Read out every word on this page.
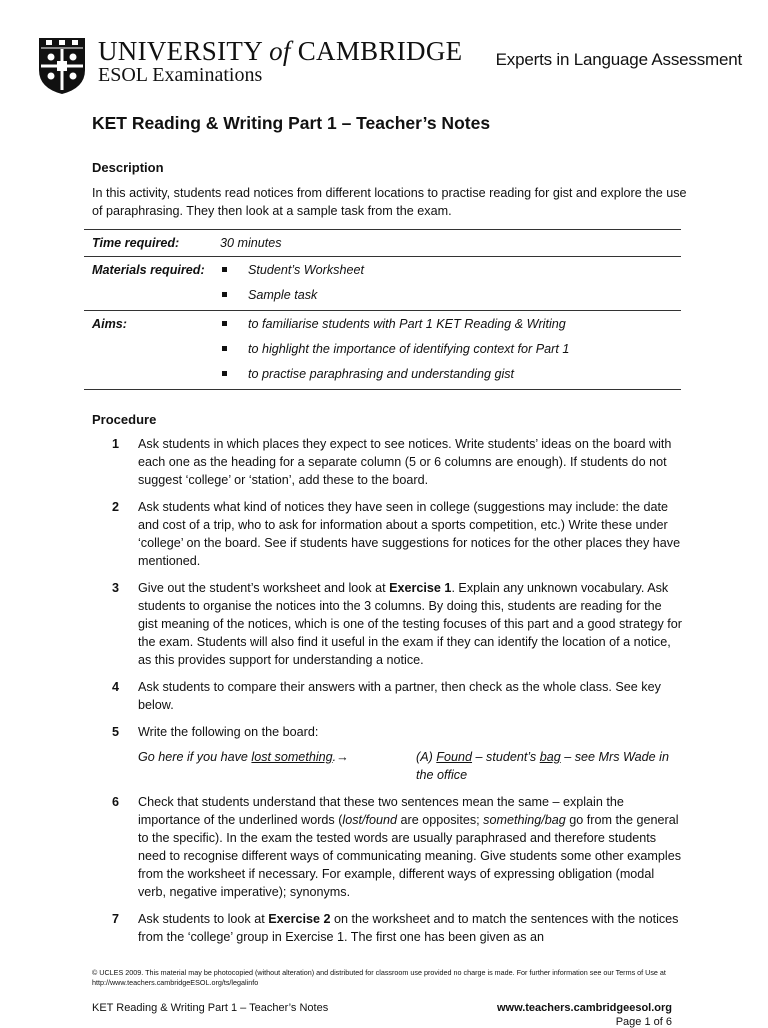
UNIVERSITY of CAMBRIDGE
ESOL Examinations
Experts in Language Assessment
KET Reading & Writing Part 1 – Teacher’s Notes
Description
In this activity, students read notices from different locations to practise reading for gist and explore the use of paraphrasing. They then look at a sample task from the exam.
Time required:	30 minutes
Materials required:	Student’s Worksheet
Sample task
Aims:	to familiarise students with Part 1 KET Reading & Writing
to highlight the importance of identifying context for Part 1
to practise paraphrasing and understanding gist
Procedure
1	Ask students in which places they expect to see notices. Write students’ ideas on the board with each one as the heading for a separate column (5 or 6 columns are enough). If students do not suggest ‘college’ or ‘station’, add these to the board.
2	Ask students what kind of notices they have seen in college (suggestions may include: the date and cost of a trip, who to ask for information about a sports competition, etc.) Write these under ‘college’ on the board. See if students have suggestions for notices for the other places they have mentioned.
3	Give out the student’s worksheet and look at Exercise 1. Explain any unknown vocabulary. Ask students to organise the notices into the 3 columns. By doing this, students are reading for the gist meaning of the notices, which is one of the testing focuses of this part and a good strategy for the exam. Students will also find it useful in the exam if they can identify the location of a notice, as this provides support for understanding a notice.
4	Ask students to compare their answers with a partner, then check as the whole class. See key below.
5	Write the following on the board:
Go here if you have lost something.→	(A) Found – student’s bag – see Mrs Wade in the office
6	Check that students understand that these two sentences mean the same – explain the importance of the underlined words (lost/found are opposites; something/bag go from the general to the specific). In the exam the tested words are usually paraphrased and therefore students need to recognise different ways of communicating meaning. Give students some other examples from the worksheet if necessary. For example, different ways of expressing obligation (modal verb, negative imperative); synonyms.
7	Ask students to look at Exercise 2 on the worksheet and to match the sentences with the notices from the ‘college’ group in Exercise 1. The first one has been given as an
© UCLES 2009. This material may be photocopied (without alteration) and distributed for classroom use provided no charge is made. For further information see our Terms of Use at http://www.teachers.cambridgeESOL.org/ts/legalinfo
KET Reading & Writing Part 1 – Teacher’s Notes	www.teachers.cambridgeesol.org
Page 1 of 6
